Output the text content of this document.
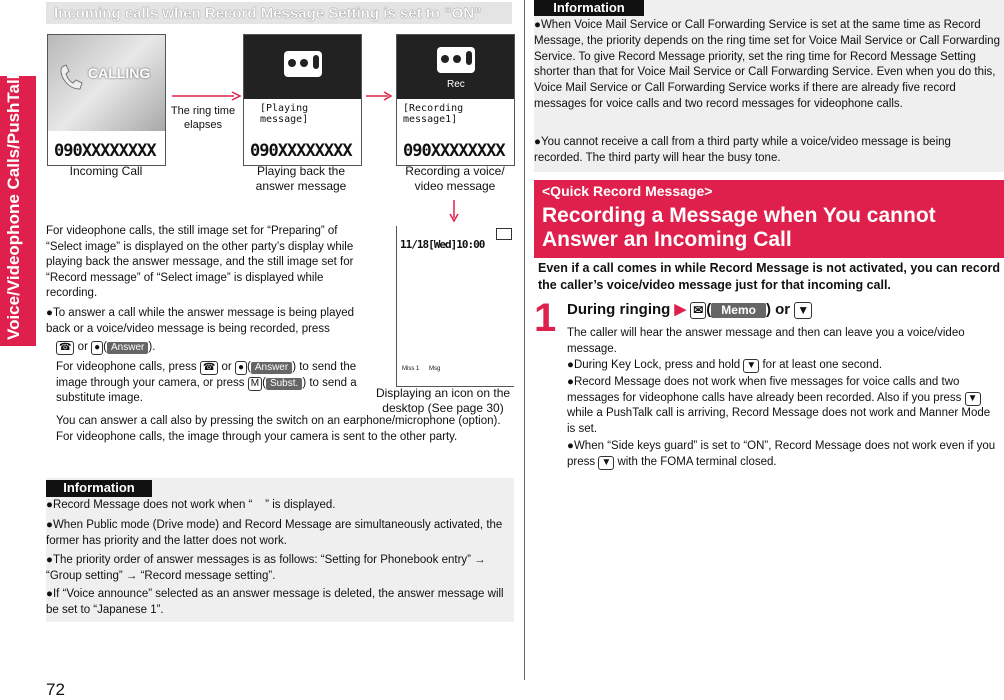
Voice/Videophone Calls/PushTalk
72
Incoming calls when Record Message Setting is set to “ON”
CALLING
090XXXXXXXX
The ring time elapses
[Playing message]
090XXXXXXXX
Rec
[Recording message1]
090XXXXXXXX
Incoming Call	Playing back the answer message
Recording a voice/ video message
11/18[Wed]10:00
Miss 1 Msg
Displaying an icon on the desktop (See page 30)
For videophone calls, the still image set for “Preparing” of “Select image” is displayed on the other party’s display while playing back the answer message, and the still image set for “Record message” of “Select image” is displayed while recording.
●To answer a call while the answer message is being played back or a voice/video message is being recorded, press
☎ or ● ( Answer ).
For videophone calls, press ☎ or ● ( Answer ) to send the image through your camera, or press M ( Subst. ) to send a substitute image.
You can answer a call also by pressing the switch on an earphone/microphone (option). For videophone calls, the image through your camera is sent to the other party.
Information
●Record Message does not work when “    ” is displayed.
●When Public mode (Drive mode) and Record Message are simultaneously activated, the former has priority and the latter does not work.
●The priority order of answer messages is as follows: “Setting for Phonebook entry” → “Group setting” → “Record message setting”.
●If “Voice announce” selected as an answer message is deleted, the answer message will be set to “Japanese 1”.
Information
●When Voice Mail Service or Call Forwarding Service is set at the same time as Record Message, the priority depends on the ring time set for Voice Mail Service or Call Forwarding Service. To give Record Message priority, set the ring time for Record Message Setting shorter than that for Voice Mail Service or Call Forwarding Service. Even when you do this, Voice Mail Service or Call Forwarding Service works if there are already five record messages for voice calls and two record messages for videophone calls.
●You cannot receive a call from a third party while a voice/video message is being recorded. The third party will hear the busy tone.
<Quick Record Message>
Recording a Message when You cannot Answer an Incoming Call
Even if a call comes in while Record Message is not activated, you can record the caller’s voice/video message just for that incoming call.
1 During ringing ▶ ✉ ( Memo ) or ▼
The caller will hear the answer message and then can leave you a voice/video message.
●During Key Lock, press and hold ▼ for at least one second.
●Record Message does not work when five messages for voice calls and two messages for videophone calls have already been recorded. Also if you press ▼ while a PushTalk call is arriving, Record Message does not work and Manner Mode is set.
●When “Side keys guard” is set to “ON”, Record Message does not work even if you press ▼ with the FOMA terminal closed.
